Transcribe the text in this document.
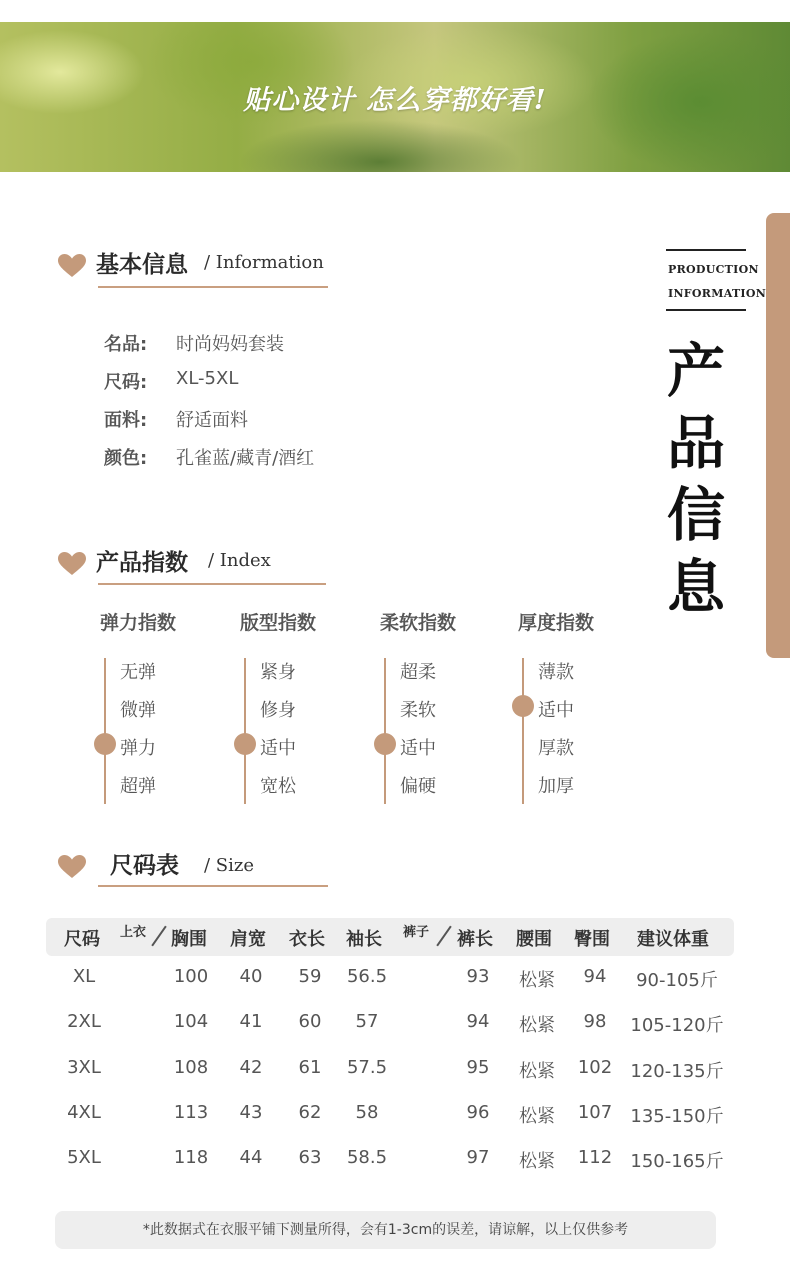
贴心设计 怎么穿都好看!
PRODUCTION
INFORMATION
产
品
信
息
基本信息 / Information
名品: 时尚妈妈套装
尺码: XL-5XL
面料: 舒适面料
颜色: 孔雀蓝/藏青/酒红
产品指数 / Index
弹力指数
无弹
微弹
弹力
超弹
版型指数
紧身
修身
适中
宽松
柔软指数
超柔
柔软
适中
偏硬
厚度指数
薄款
适中
厚款
加厚
尺码表 / Size
尺码 上衣 胸围 肩宽 衣长 袖长 裤子 裤长 腰围 臀围 建议体重
XL	100	40	59	56.5	93	松紧	94	90-105斤
2XL	104	41	60	57	94	松紧	98	105-120斤
3XL	108	42	61	57.5	95	松紧	102	120-135斤
4XL	113	43	62	58	96	松紧	107	135-150斤
5XL	118	44	63	58.5	97	松紧	112	150-165斤
*此数据式在衣服平铺下测量所得，会有1-3cm的误差，请谅解，以上仅供参考
